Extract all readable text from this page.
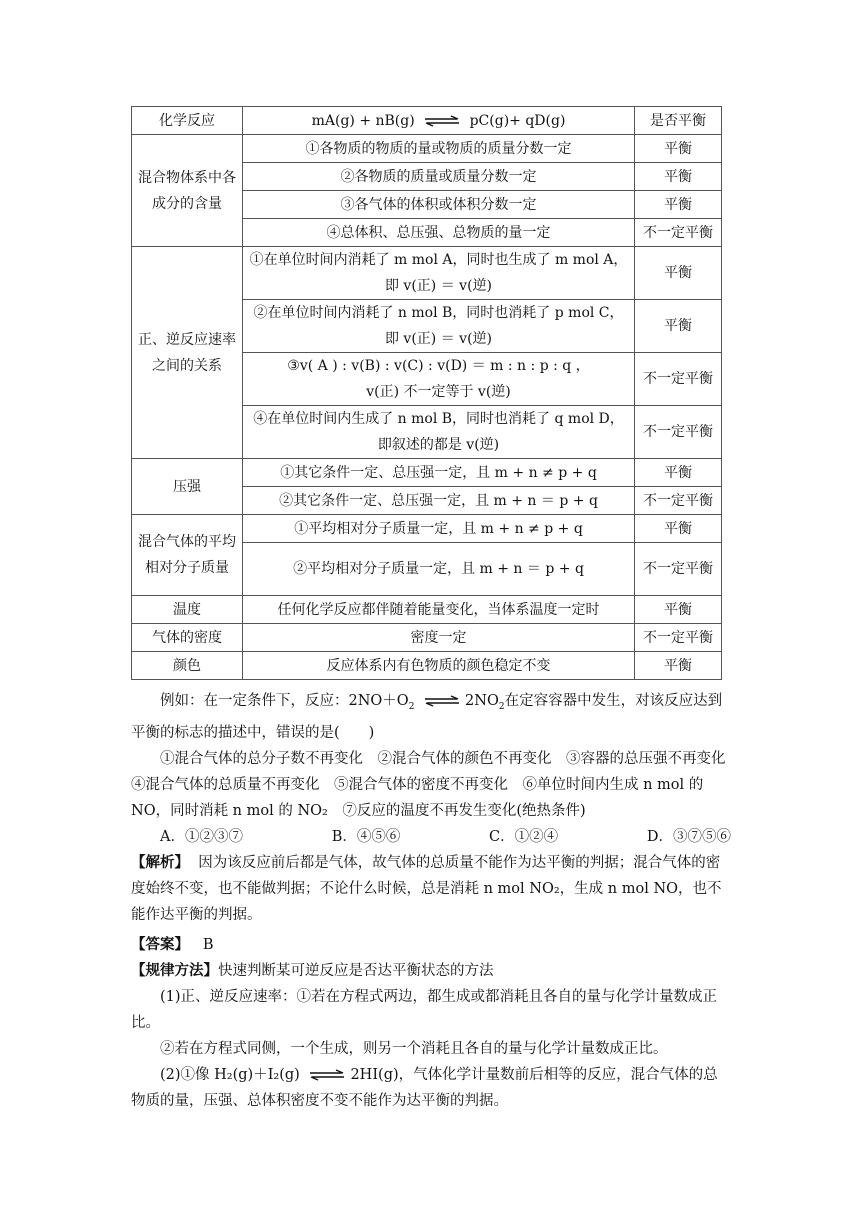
化学反应	mA(g) + nB(g) ⇌ pC(g)+ qD(g)	是否平衡
混合物体系中各成分的含量	①各物质的物质的量或物质的质量分数一定	平衡
	②各物质的质量或质量分数一定	平衡
	③各气体的体积或体积分数一定	平衡
	④总体积、总压强、总物质的量一定	不一定平衡
正、逆反应速率之间的关系	①在单位时间内消耗了 m mol A，同时也生成了 m mol A，
即 v(正) ＝ v(逆)	平衡

	②在单位时间内消耗了 n mol B，同时也消耗了 p mol C，
即 v(正) ＝ v(逆)	平衡

	③v( A ) : v(B) : v(C) : v(D) ＝ m : n : p : q ，
v(正) 不一定等于 v(逆)	不一定平衡

	④在单位时间内生成了 n mol B，同时也消耗了 q mol D，
即叙述的都是 v(逆)	不一定平衡
压强	①其它条件一定、总压强一定，且 m + n ≠ p + q	平衡
	②其它条件一定、总压强一定，且 m + n ＝ p + q	不一定平衡
混合气体的平均相对分子质量	①平均相对分子质量一定，且 m + n ≠ p + q	平衡
	②平均相对分子质量一定，且 m + n ＝ p + q	不一定平衡
温度	任何化学反应都伴随着能量变化，当体系温度一定时	平衡
气体的密度	密度一定	不一定平衡
颜色	反应体系内有色物质的颜色稳定不变	平衡

例如：在一定条件下，反应：$2NO+O_2$ ⇌ $2NO_2$在定容容器中发生，对该反应达到平衡的标志的描述中，错误的是(　　)

①混合气体的总分子数不再变化　②混合气体的颜色不再变化　③容器的总压强不再变化　④混合气体的总质量不再变化　⑤混合气体的密度不再变化　⑥单位时间内生成 n mol 的 NO，同时消耗 n mol 的 NO₂　⑦反应的温度不再发生变化(绝热条件)

A．①②③⑦	B．④⑤⑥	C．①②④	D．③⑦⑤⑥

【解析】 因为该反应前后都是气体，故气体的总质量不能作为达平衡的判据；混合气体的密度始终不变，也不能做判据；不论什么时候，总是消耗 n mol NO₂，生成 n mol NO，也不能作达平衡的判据。

【答案】 B

【规律方法】快速判断某可逆反应是否达平衡状态的方法

(1)正、逆反应速率：①若在方程式两边，都生成或都消耗且各自的量与化学计量数成正比。

②若在方程式同侧，一个生成，则另一个消耗且各自的量与化学计量数成正比。

(2)①像 H₂(g)＋I₂(g) ⇌ 2HI(g)，气体化学计量数前后相等的反应，混合气体的总物质的量，压强、总体积密度不变不能作为达平衡的判据。
